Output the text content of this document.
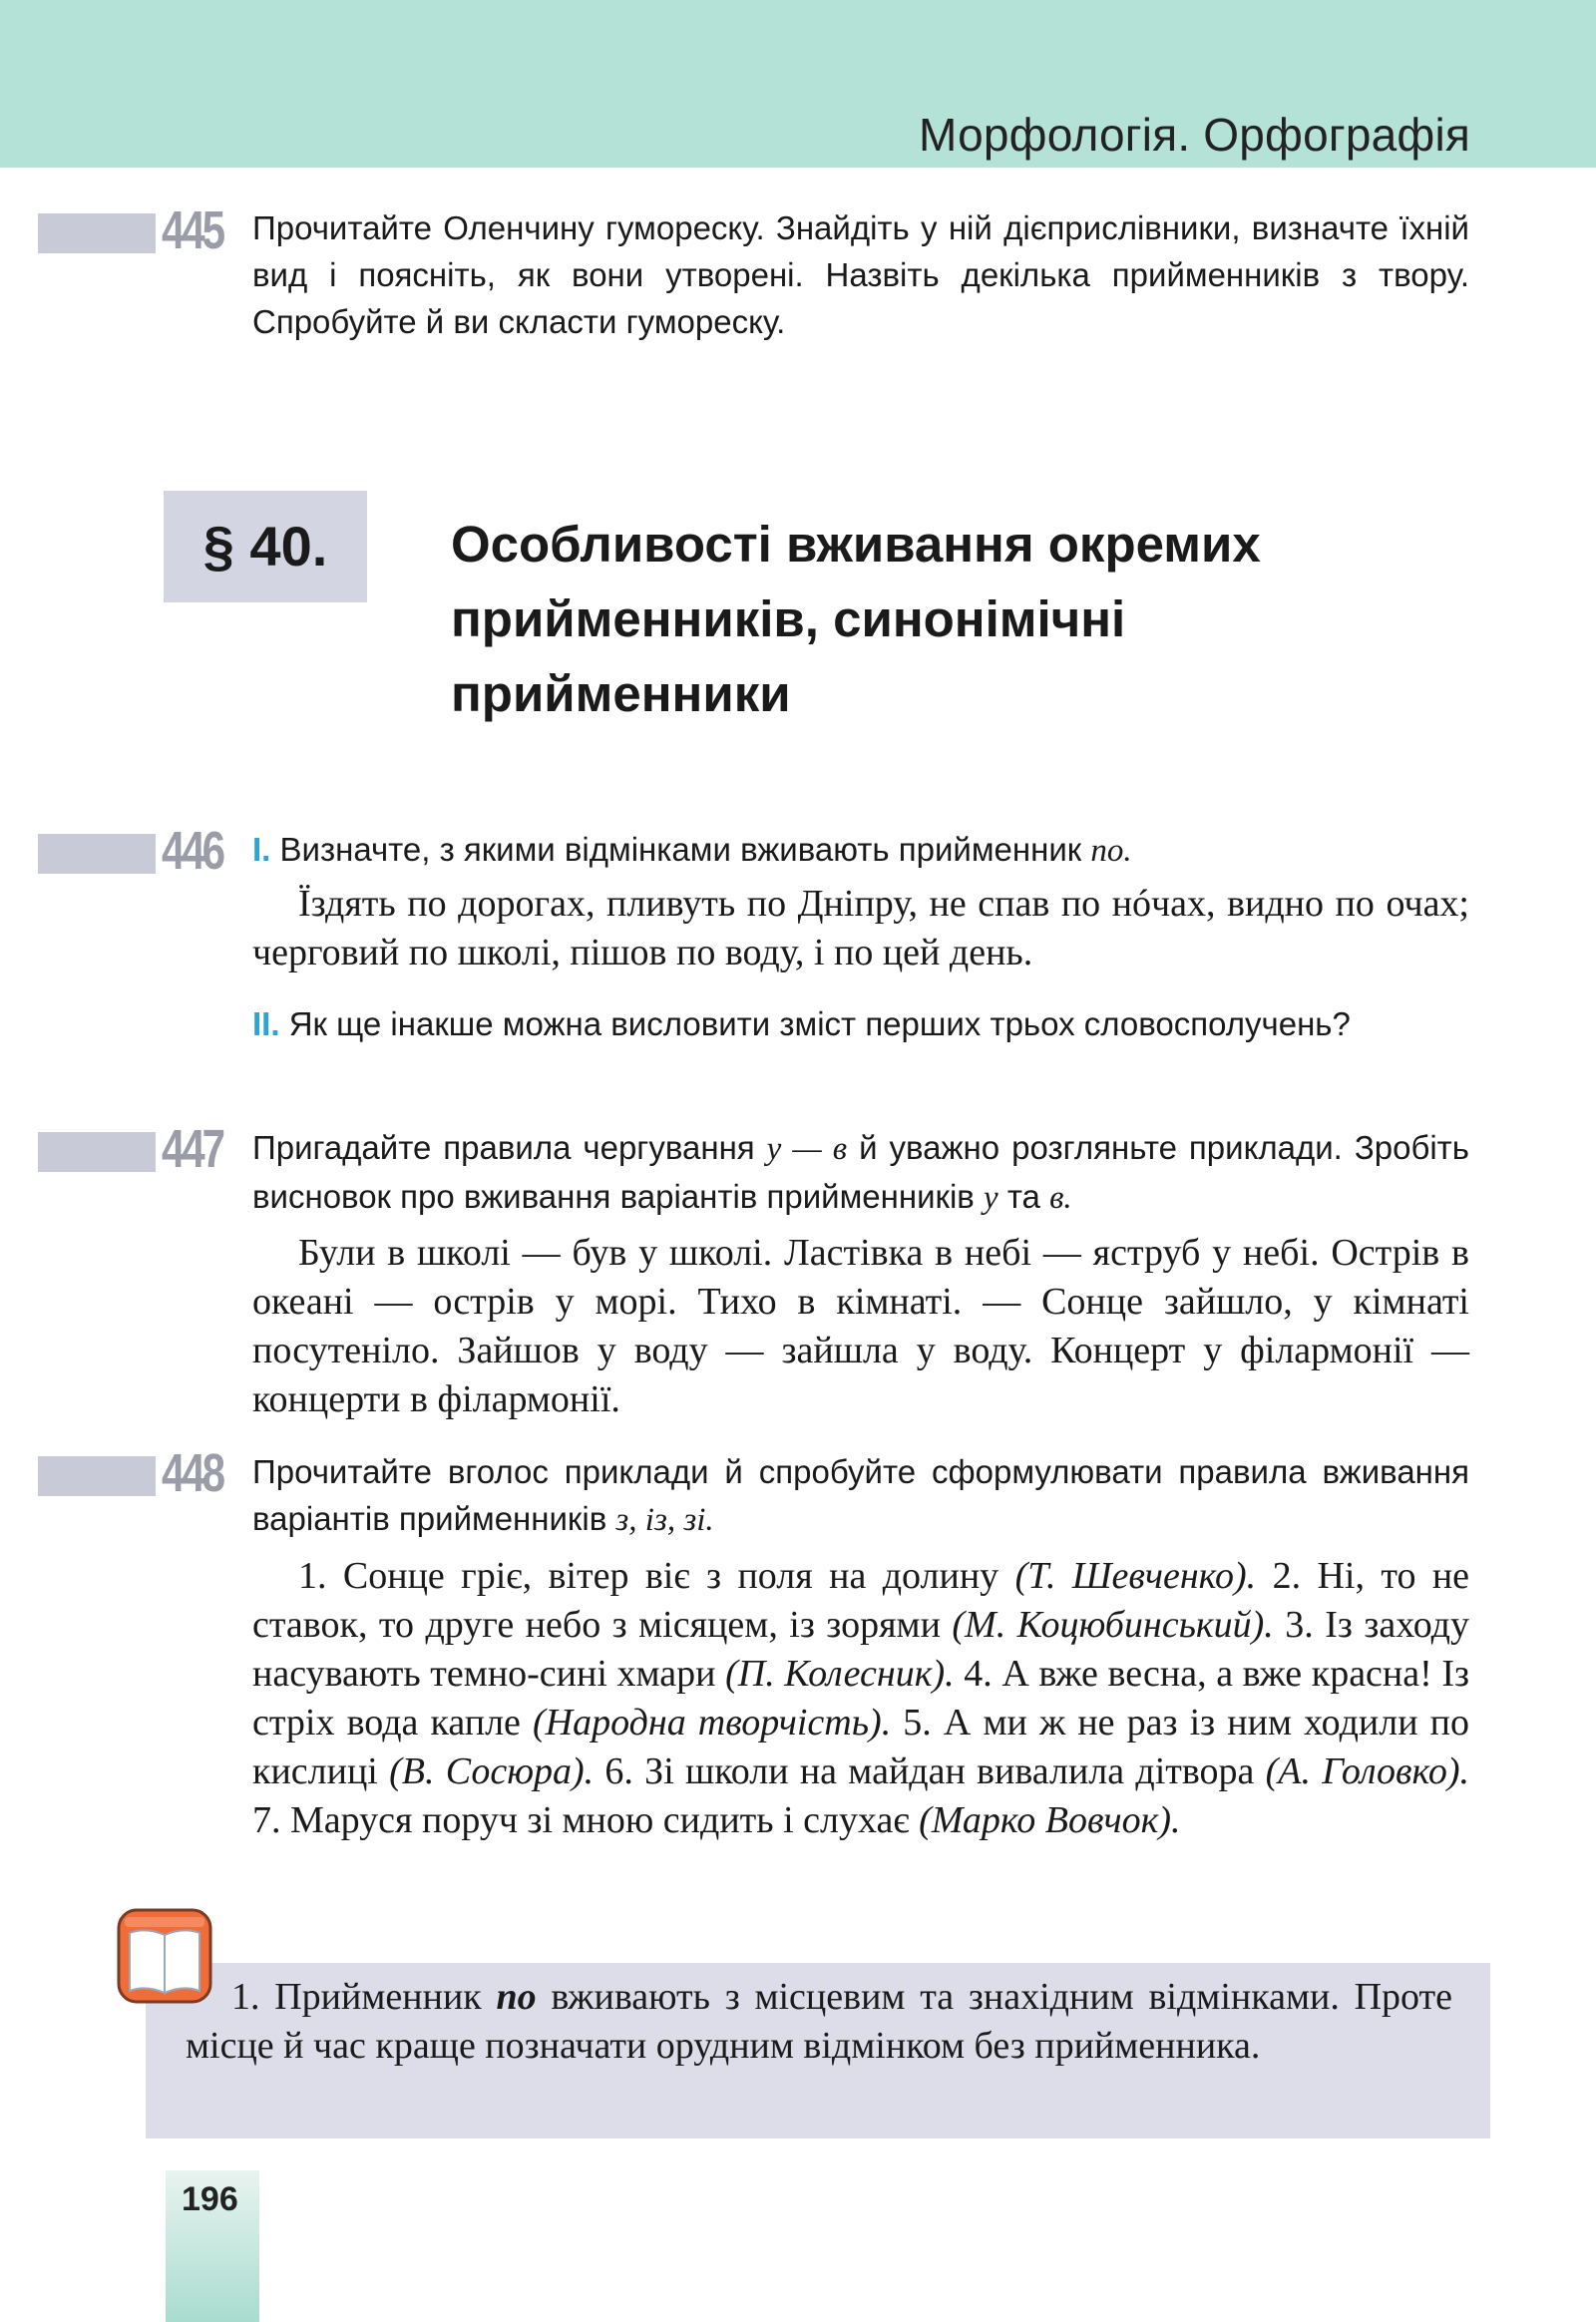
Морфологія. Орфографія
445 Прочитайте Оленчину гумореску. Знайдіть у ній дієприслівники, визначте їхній вид і поясніть, як вони утворені. Назвіть декілька прийменників з твору. Спробуйте й ви скласти гумореску.
§ 40.	Особливості вживання окремих прийменників, синонімічні прийменники
446 I. Визначте, з якими відмінками вживають прийменник по.
Їздять по дорогах, пливуть по Дніпру, не спав по нóчах, видно по очах; черговий по школі, пішов по воду, і по цей день.
II. Як ще інакше можна висловити зміст перших трьох словосполучень?
447 Пригадайте правила чергування у — в й уважно розгляньте приклади. Зробіть висновок про вживання варіантів прийменників у та в.
Були в школі — був у школі. Ластівка в небі — яструб у небі. Острів в океані — острів у морі. Тихо в кімнаті. — Сонце зайшло, у кімнаті посутеніло. Зайшов у воду — зайшла у воду. Концерт у філармонії — концерти в філармонії.
448 Прочитайте вголос приклади й спробуйте сформулювати правила вживання варіантів прийменників з, із, зі.
1. Сонце гріє, вітер віє з поля на долину (Т. Шевченко). 2. Ні, то не ставок, то друге небо з місяцем, із зорями (М. Коцюбинський). 3. Із заходу насувають темно-сині хмари (П. Колесник). 4. А вже весна, а вже красна! Із стріх вода капле (Народна творчість). 5. А ми ж не раз із ним ходили по кислиці (В. Сосюра). 6. Зі школи на майдан вивалила дітвора (А. Головко). 7. Маруся поруч зі мною сидить і слухає (Марко Вовчок).
1. Прийменник по вживають з місцевим та знахідним відмінками. Проте місце й час краще позначати орудним відмінком без прийменника.
196
